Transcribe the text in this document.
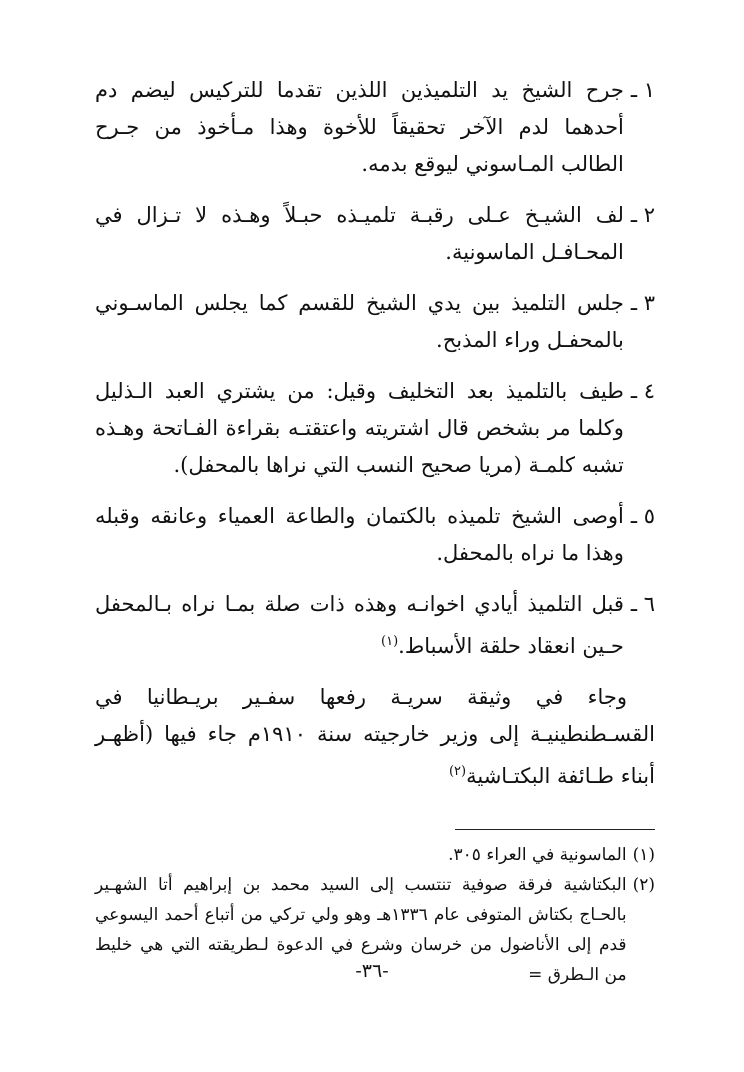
١ ـ
جرح الشيخ يد التلميذين اللذين تقدما للتركيس ليضم دم أحدهما لدم الآخر تحقيقاً للأخوة وهذا مـأخوذ من جـرح الطالب المـاسوني ليوقع بدمه.
٢ ـ
لف الشيـخ عـلى رقبـة تلميـذه حبـلاً وهـذه لا تـزال في المحـافـل الماسونية.
٣ ـ
جلس التلميذ بين يدي الشيخ للقسم كما يجلس الماسـوني بالمحفـل وراء المذبح.
٤ ـ
طيف بالتلميذ بعد التخليف وقيل: من يشتري العبد الـذليل وكلما مر بشخص قال اشتريته واعتقتـه بقراءة الفـاتحة وهـذه تشبه كلمـة (مريا صحيح النسب التي نراها بالمحفل).
٥ ـ
أوصى الشيخ تلميذه بالكتمان والطاعة العمياء وعانقه وقبله وهذا ما نراه بالمحفل.
٦ ـ
قبل التلميذ أيادي اخوانـه وهذه ذات صلة بمـا نراه بـالمحفل حـين انعقاد حلقة الأسباط.$^{(١)}$
وجاء في وثيقة سريـة رفعها سفـير بريـطانيا في القسـطنطينيـة إلى وزير خارجيته سنة ١٩١٠م جاء فيها (أظهـر أبناء طـائفة البكتـاشية$^{(٢)}$
(١)
الماسونية في العراء ٣٠٥.
(٢)
البكتاشية فرقة صوفية تنتسب إلى السيد محمد بن إبراهيم أتا الشهـير بالحـاج بكتاش المتوفى عام ١٣٣٦هـ وهو ولي تركي من أتباع أحمد اليسوعي قدم إلى الأناضول من خرسان وشرع في الدعوة لـطريقته التي هي خليط من الـطرق =
-٣٦-
